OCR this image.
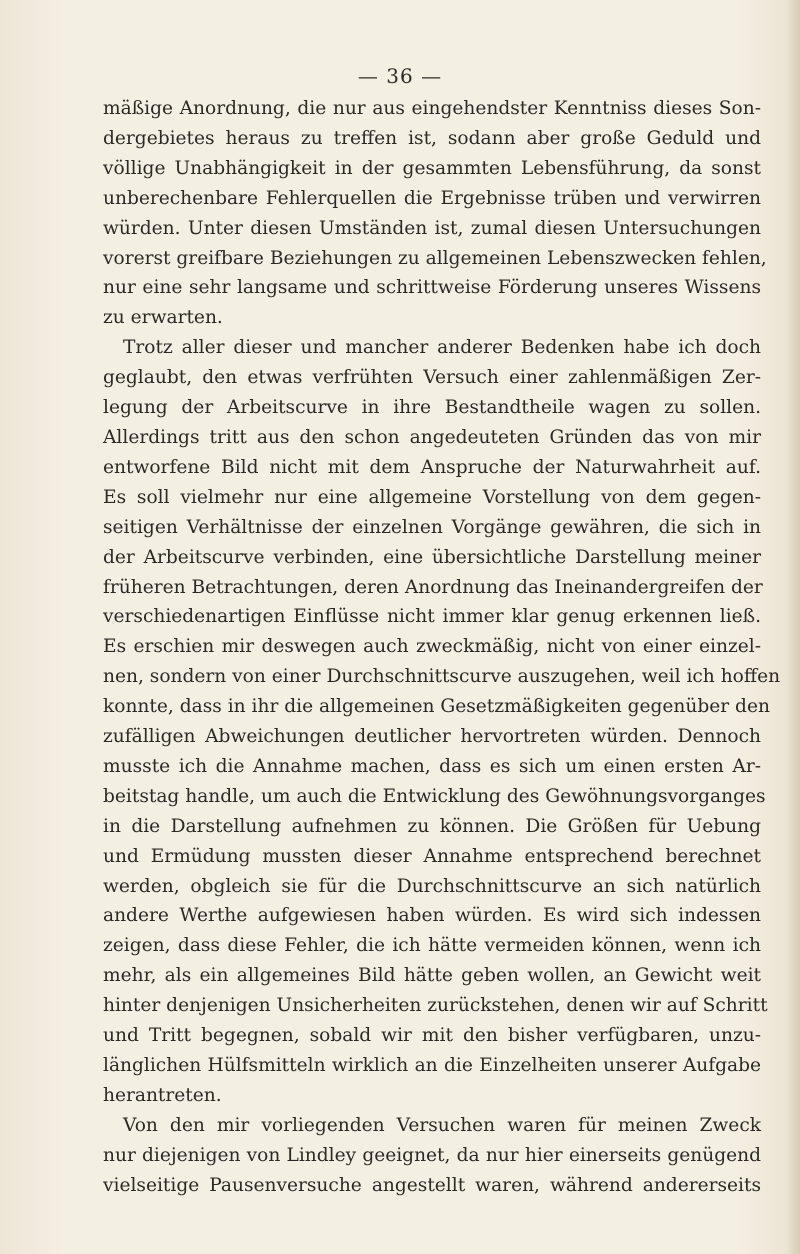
— 36 —

mäßige Anordnung, die nur aus eingehendster Kenntniss dieses Son-
dergebietes heraus zu treffen ist, sodann aber große Geduld und
völlige Unabhängigkeit in der gesammten Lebensführung, da sonst
unberechenbare Fehlerquellen die Ergebnisse trüben und verwirren
würden. Unter diesen Umständen ist, zumal diesen Untersuchungen
vorerst greifbare Beziehungen zu allgemeinen Lebenszwecken fehlen,
nur eine sehr langsame und schrittweise Förderung unseres Wissens
zu erwarten.

Trotz aller dieser und mancher anderer Bedenken habe ich doch
geglaubt, den etwas verfrühten Versuch einer zahlenmäßigen Zer-
legung der Arbeitscurve in ihre Bestandtheile wagen zu sollen.
Allerdings tritt aus den schon angedeuteten Gründen das von mir
entworfene Bild nicht mit dem Anspruche der Naturwahrheit auf.
Es soll vielmehr nur eine allgemeine Vorstellung von dem gegen-
seitigen Verhältnisse der einzelnen Vorgänge gewähren, die sich in
der Arbeitscurve verbinden, eine übersichtliche Darstellung meiner
früheren Betrachtungen, deren Anordnung das Ineinandergreifen der
verschiedenartigen Einflüsse nicht immer klar genug erkennen ließ.
Es erschien mir deswegen auch zweckmäßig, nicht von einer einzel-
nen, sondern von einer Durchschnittscurve auszugehen, weil ich hoffen
konnte, dass in ihr die allgemeinen Gesetzmäßigkeiten gegenüber den
zufälligen Abweichungen deutlicher hervortreten würden. Dennoch
musste ich die Annahme machen, dass es sich um einen ersten Ar-
beitstag handle, um auch die Entwicklung des Gewöhnungsvorganges
in die Darstellung aufnehmen zu können. Die Größen für Uebung
und Ermüdung mussten dieser Annahme entsprechend berechnet
werden, obgleich sie für die Durchschnittscurve an sich natürlich
andere Werthe aufgewiesen haben würden. Es wird sich indessen
zeigen, dass diese Fehler, die ich hätte vermeiden können, wenn ich
mehr, als ein allgemeines Bild hätte geben wollen, an Gewicht weit
hinter denjenigen Unsicherheiten zurückstehen, denen wir auf Schritt
und Tritt begegnen, sobald wir mit den bisher verfügbaren, unzu-
länglichen Hülfsmitteln wirklich an die Einzelheiten unserer Aufgabe
herantreten.

Von den mir vorliegenden Versuchen waren für meinen Zweck
nur diejenigen von Lindley geeignet, da nur hier einerseits genügend
vielseitige Pausenversuche angestellt waren, während andererseits
